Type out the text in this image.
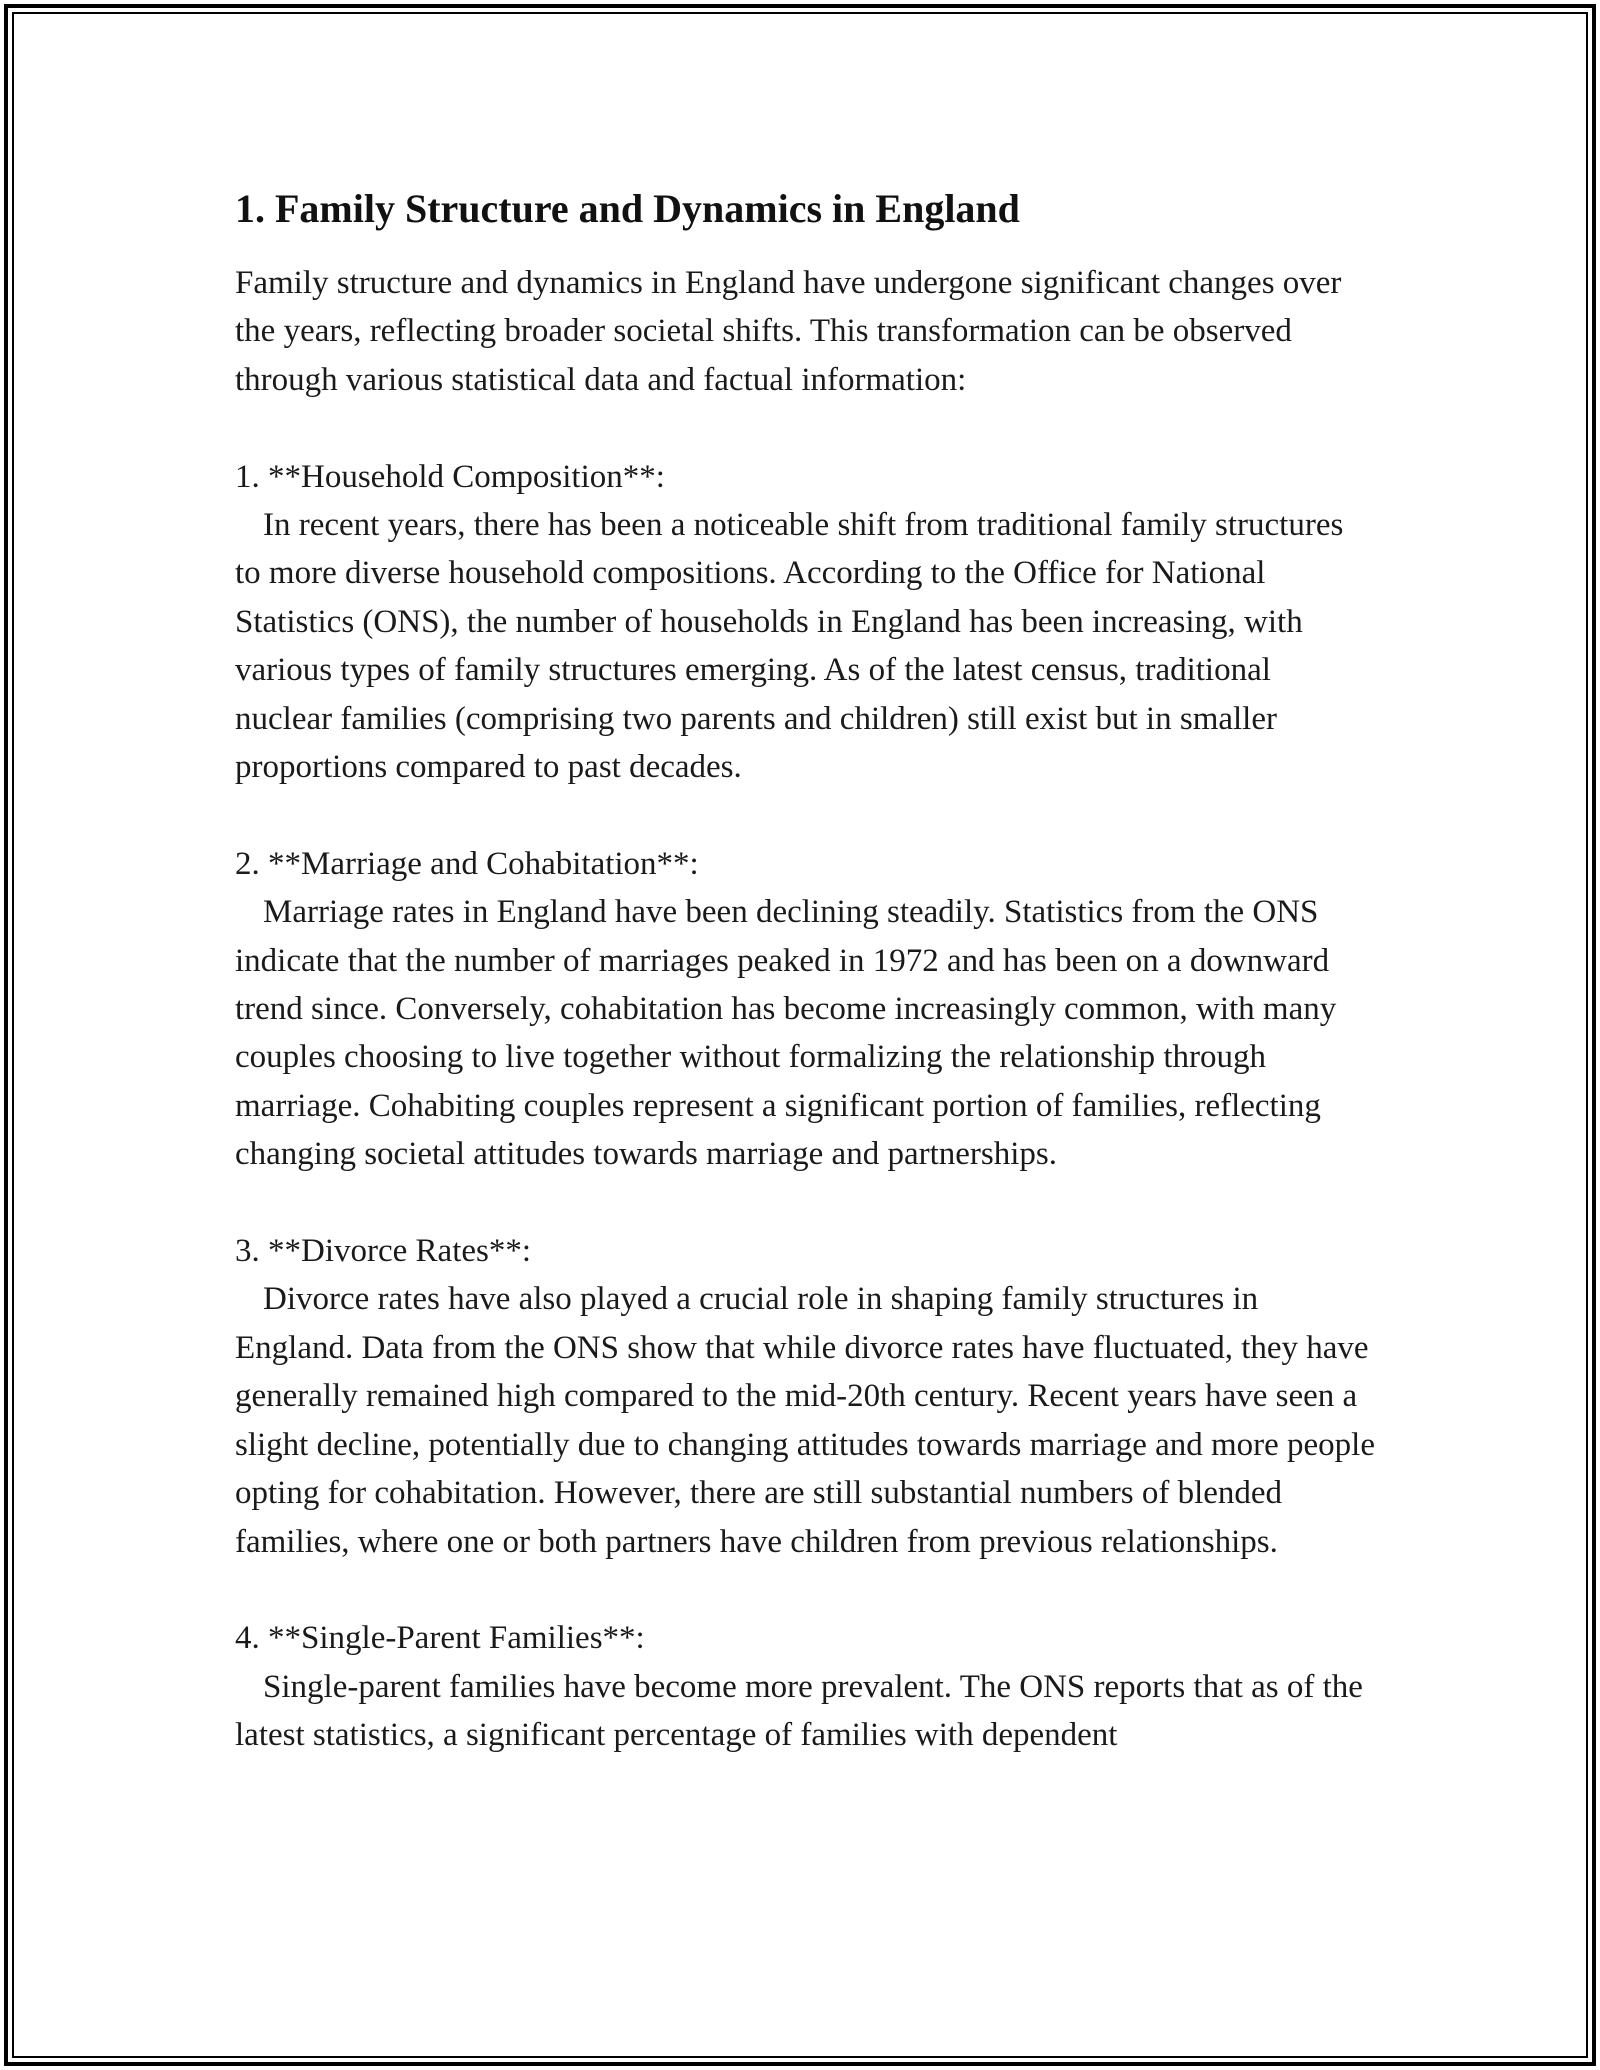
1. Family Structure and Dynamics in England

Family structure and dynamics in England have undergone significant changes over the years, reflecting broader societal shifts. This transformation can be observed through various statistical data and factual information:

1. **Household Composition**:

In recent years, there has been a noticeable shift from traditional family structures to more diverse household compositions. According to the Office for National Statistics (ONS), the number of households in England has been increasing, with various types of family structures emerging. As of the latest census, traditional nuclear families (comprising two parents and children) still exist but in smaller proportions compared to past decades.

2. **Marriage and Cohabitation**:

Marriage rates in England have been declining steadily. Statistics from the ONS indicate that the number of marriages peaked in 1972 and has been on a downward trend since. Conversely, cohabitation has become increasingly common, with many couples choosing to live together without formalizing the relationship through marriage. Cohabiting couples represent a significant portion of families, reflecting changing societal attitudes towards marriage and partnerships.

3. **Divorce Rates**:

Divorce rates have also played a crucial role in shaping family structures in England. Data from the ONS show that while divorce rates have fluctuated, they have generally remained high compared to the mid-20th century. Recent years have seen a slight decline, potentially due to changing attitudes towards marriage and more people opting for cohabitation. However, there are still substantial numbers of blended families, where one or both partners have children from previous relationships.

4. **Single-Parent Families**:

Single-parent families have become more prevalent. The ONS reports that as of the latest statistics, a significant percentage of families with dependent
